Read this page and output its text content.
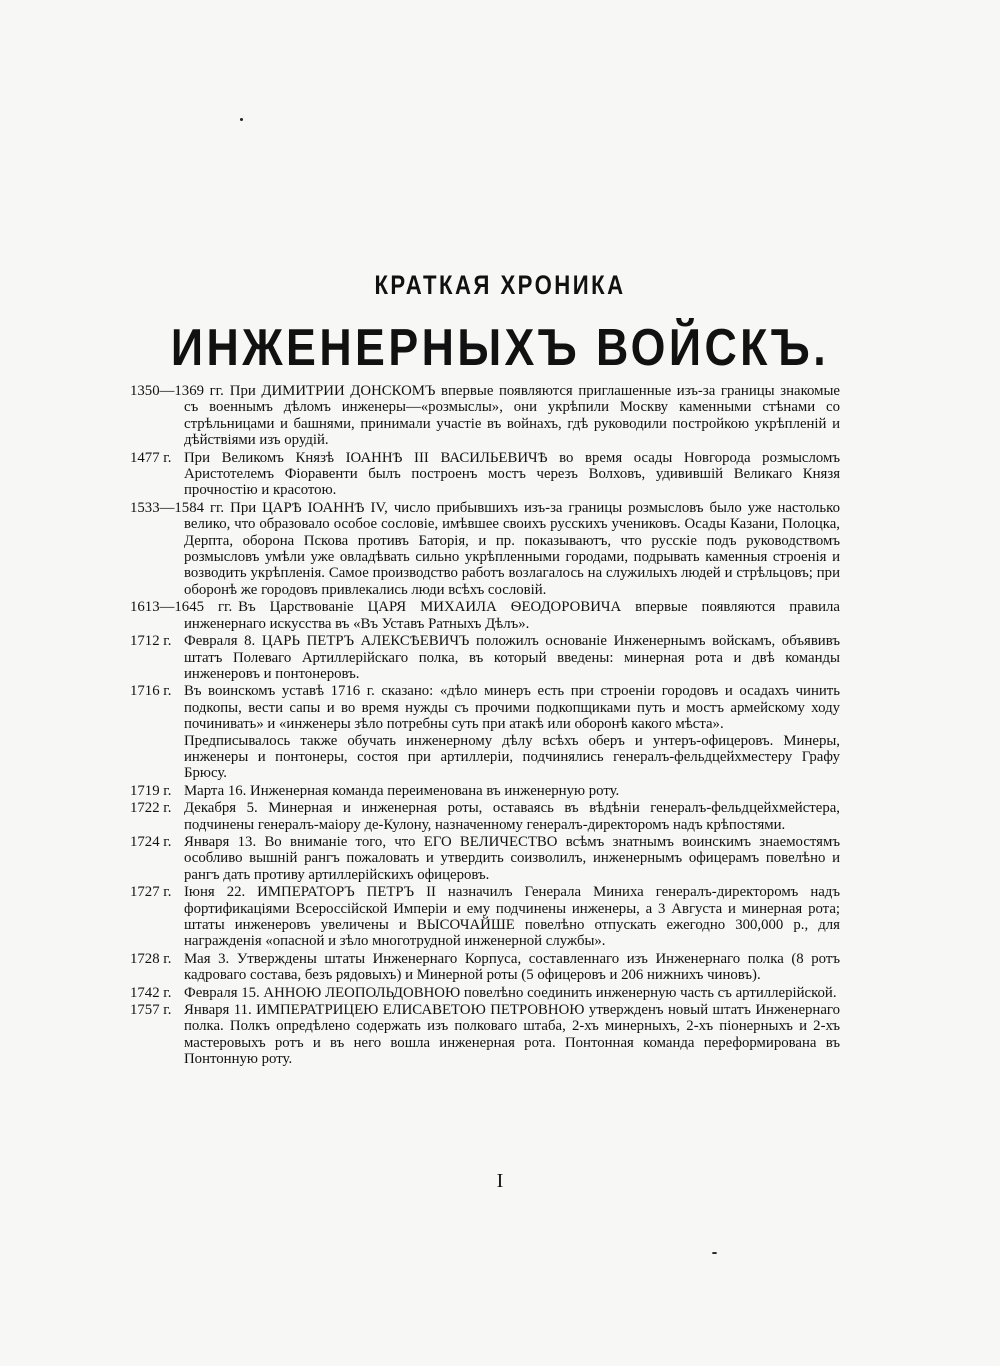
КРАТКАЯ ХРОНИКА
ИНЖЕНЕРНЫХЪ ВОЙСКЪ.
1350—1369 гг. При ДИМИТРИИ ДОНСКОМЪ впервые появляются приглашенные изъ-за границы знакомые съ военнымъ дѣломъ инженеры—«розмыслы», они укрѣпили Москву каменными стѣнами со стрѣльницами и башнями, принимали участіе въ войнахъ, гдѣ руководили постройкою укрѣпленій и дѣйствіями изъ орудій.

1477 г. При Великомъ Князѣ ІОАННѢ III ВАСИЛЬЕВИЧѢ во время осады Новгорода розмысломъ Аристотелемъ Фіоравенти былъ построенъ мостъ черезъ Волховъ, удивившій Великаго Князя прочностію и красотою.

1533—1584 гг. При ЦАРѢ ІОАННѢ IV, число прибывшихъ изъ-за границы розмысловъ было уже настолько велико, что образовало особое сословіе, имѣвшее своихъ русскихъ учениковъ. Осады Казани, Полоцка, Дерпта, оборона Пскова противъ Баторія, и пр. показываютъ, что русскіе подъ руководствомъ розмысловъ умѣли уже овладѣвать сильно укрѣпленными городами, подрывать каменныя строенія и возводить укрѣпленія. Самое производство работъ возлагалось на служилыхъ людей и стрѣльцовъ; при оборонѣ же городовъ привлекались люди всѣхъ сословій.

1613—1645 гг. Въ Царствованіе ЦАРЯ МИХАИЛА ѲЕОДОРОВИЧА впервые появляются правила инженернаго искусства въ «Въ Уставъ Ратныхъ Дѣлъ».

1712 г. Февраля 8. ЦАРЬ ПЕТРЪ АЛЕКСѢЕВИЧЪ положилъ основаніе Инженернымъ войскамъ, объявивъ штатъ Полеваго Артиллерійскаго полка, въ который введены: минерная рота и двѣ команды инженеровъ и понтонеровъ.

1716 г. Въ воинскомъ уставѣ 1716 г. сказано: «дѣло минеръ есть при строеніи городовъ и осадахъ чинить подкопы, вести сапы и во время нужды съ прочими подкопщиками путь и мостъ армейскому ходу починивать» и «инженеры зѣло потребны суть при атакѣ или оборонѣ какого мѣста».

Предписывалось также обучать инженерному дѣлу всѣхъ оберъ и унтеръ-офицеровъ. Минеры, инженеры и понтонеры, состоя при артиллеріи, подчинялись генералъ-фельдцейхместеру Графу Брюсу.

1719 г. Марта 16. Инженерная команда переименована въ инженерную роту.

1722 г. Декабря 5. Минерная и инженерная роты, оставаясь въ вѣдѣніи генералъ-фельдцейхмейстера, подчинены генералъ-маіору де-Кулону, назначенному генералъ-директоромъ надъ крѣпостями.

1724 г. Января 13. Во вниманіе того, что ЕГО ВЕЛИЧЕСТВО всѣмъ знатнымъ воинскимъ знаемостямъ особливо вышній рангъ пожаловать и утвердить соизволилъ, инженернымъ офицерамъ повелѣно и рангъ дать противу артиллерійскихъ офицеровъ.

1727 г. Іюня 22. ИМПЕРАТОРЪ ПЕТРЪ II назначилъ Генерала Миниха генералъ-директоромъ надъ фортификаціями Всероссійской Имперіи и ему подчинены инженеры, а 3 Августа и минерная рота; штаты инженеровъ увеличены и ВЫСОЧАЙШЕ повелѣно отпускать ежегодно 300,000 р., для награжденія «опасной и зѣло многотрудной инженерной службы».

1728 г. Мая 3. Утверждены штаты Инженернаго Корпуса, составленнаго изъ Инженернаго полка (8 ротъ кадроваго состава, безъ рядовыхъ) и Минерной роты (5 офицеровъ и 206 нижнихъ чиновъ).

1742 г. Февраля 15. АННОЮ ЛЕОПОЛЬДОВНОЮ повелѣно соединить инженерную часть съ артиллерійской.

1757 г. Января 11. ИМПЕРАТРИЦЕЮ ЕЛИСАВЕТОЮ ПЕТРОВНОЮ утвержденъ новый штатъ Инженернаго полка. Полкъ опредѣлено содержать изъ полковаго штаба, 2-хъ минерныхъ, 2-хъ піонерныхъ и 2-хъ мастеровыхъ ротъ и въ него вошла инженерная рота. Понтонная команда переформирована въ Понтонную роту.

I
